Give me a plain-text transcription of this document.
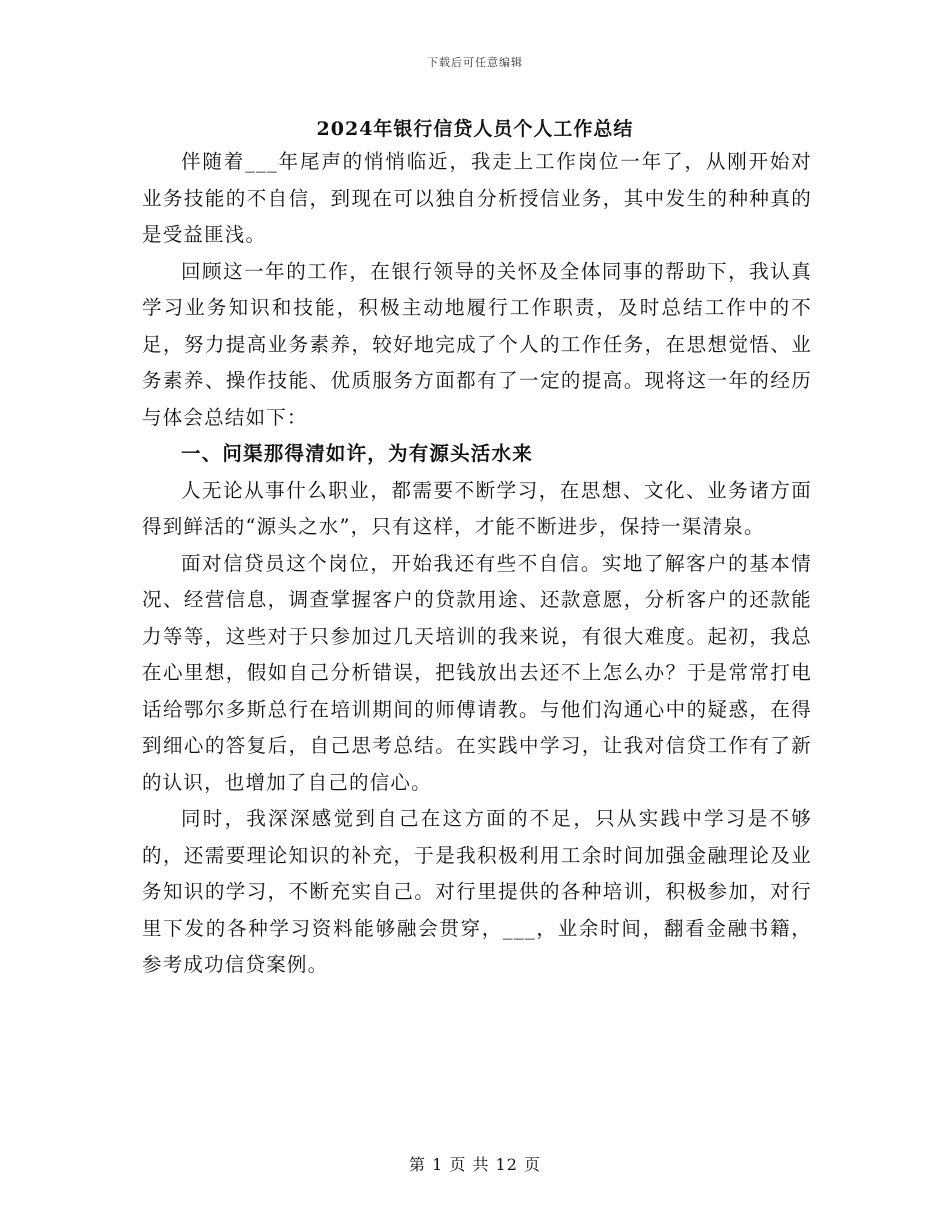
下载后可任意编辑
2024年银行信贷人员个人工作总结

伴随着___年尾声的悄悄临近，我走上工作岗位一年了，从刚开始对业务技能的不自信，到现在可以独自分析授信业务，其中发生的种种真的是受益匪浅。

回顾这一年的工作，在银行领导的关怀及全体同事的帮助下，我认真学习业务知识和技能，积极主动地履行工作职责，及时总结工作中的不足，努力提高业务素养，较好地完成了个人的工作任务，在思想觉悟、业务素养、操作技能、优质服务方面都有了一定的提高。现将这一年的经历与体会总结如下：

一、问渠那得清如许，为有源头活水来

人无论从事什么职业，都需要不断学习，在思想、文化、业务诸方面得到鲜活的“源头之水”，只有这样，才能不断进步，保持一渠清泉。

面对信贷员这个岗位，开始我还有些不自信。实地了解客户的基本情况、经营信息，调查掌握客户的贷款用途、还款意愿，分析客户的还款能力等等，这些对于只参加过几天培训的我来说，有很大难度。起初，我总在心里想，假如自己分析错误，把钱放出去还不上怎么办？于是常常打电话给鄂尔多斯总行在培训期间的师傅请教。与他们沟通心中的疑惑，在得到细心的答复后，自己思考总结。在实践中学习，让我对信贷工作有了新的认识，也增加了自己的信心。

同时，我深深感觉到自己在这方面的不足，只从实践中学习是不够的，还需要理论知识的补充，于是我积极利用工余时间加强金融理论及业务知识的学习，不断充实自己。对行里提供的各种培训，积极参加，对行里下发的各种学习资料能够融会贯穿，___，业余时间，翻看金融书籍，参考成功信贷案例。

第 1 页 共 12 页
